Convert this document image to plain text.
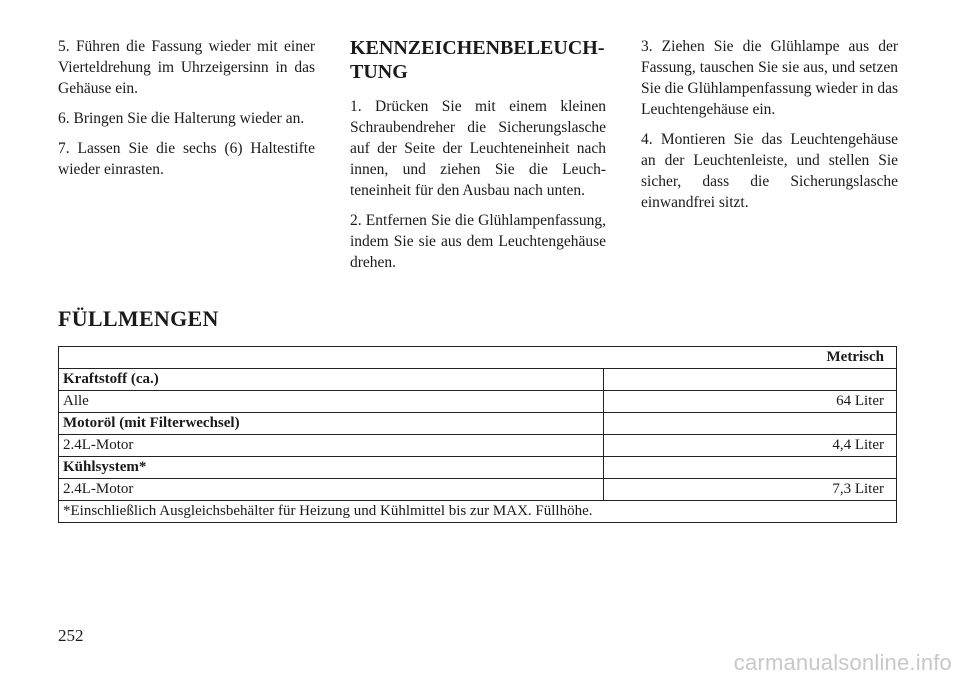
5. Führen die Fassung wieder mit einer Vierteldrehung im Uhrzeigersinn in das Gehäuse ein.

6. Bringen Sie die Halterung wieder an.

7. Lassen Sie die sechs (6) Haltestifte wieder einrasten.

KENNZEICHENBELEUCHTUNG

1. Drücken Sie mit einem kleinen Schraubendreher die Sicherungslasche auf der Seite der Leuchteneinheit nach innen, und ziehen Sie die Leuchteneinheit für den Ausbau nach unten.

2. Entfernen Sie die Glühlampenfassung, indem Sie sie aus dem Leuchtengehäuse drehen.

3. Ziehen Sie die Glühlampe aus der Fassung, tauschen Sie sie aus, und setzen Sie die Glühlampenfassung wieder in das Leuchtengehäuse ein.

4. Montieren Sie das Leuchtengehäuse an der Leuchtenleiste, und stellen Sie sicher, dass die Sicherungslasche einwandfrei sitzt.

FÜLLMENGEN
Metrisch	
Kraftstoff (ca.)	
Alle	64 Liter
Motoröl (mit Filterwechsel)	
2.4L-Motor	4,4 Liter
Kühlsystem*	
2.4L-Motor	7,3 Liter
*Einschließlich Ausgleichsbehälter für Heizung und Kühlmittel bis zur MAX. Füllhöhe.	
252
carmanualsonline.info
